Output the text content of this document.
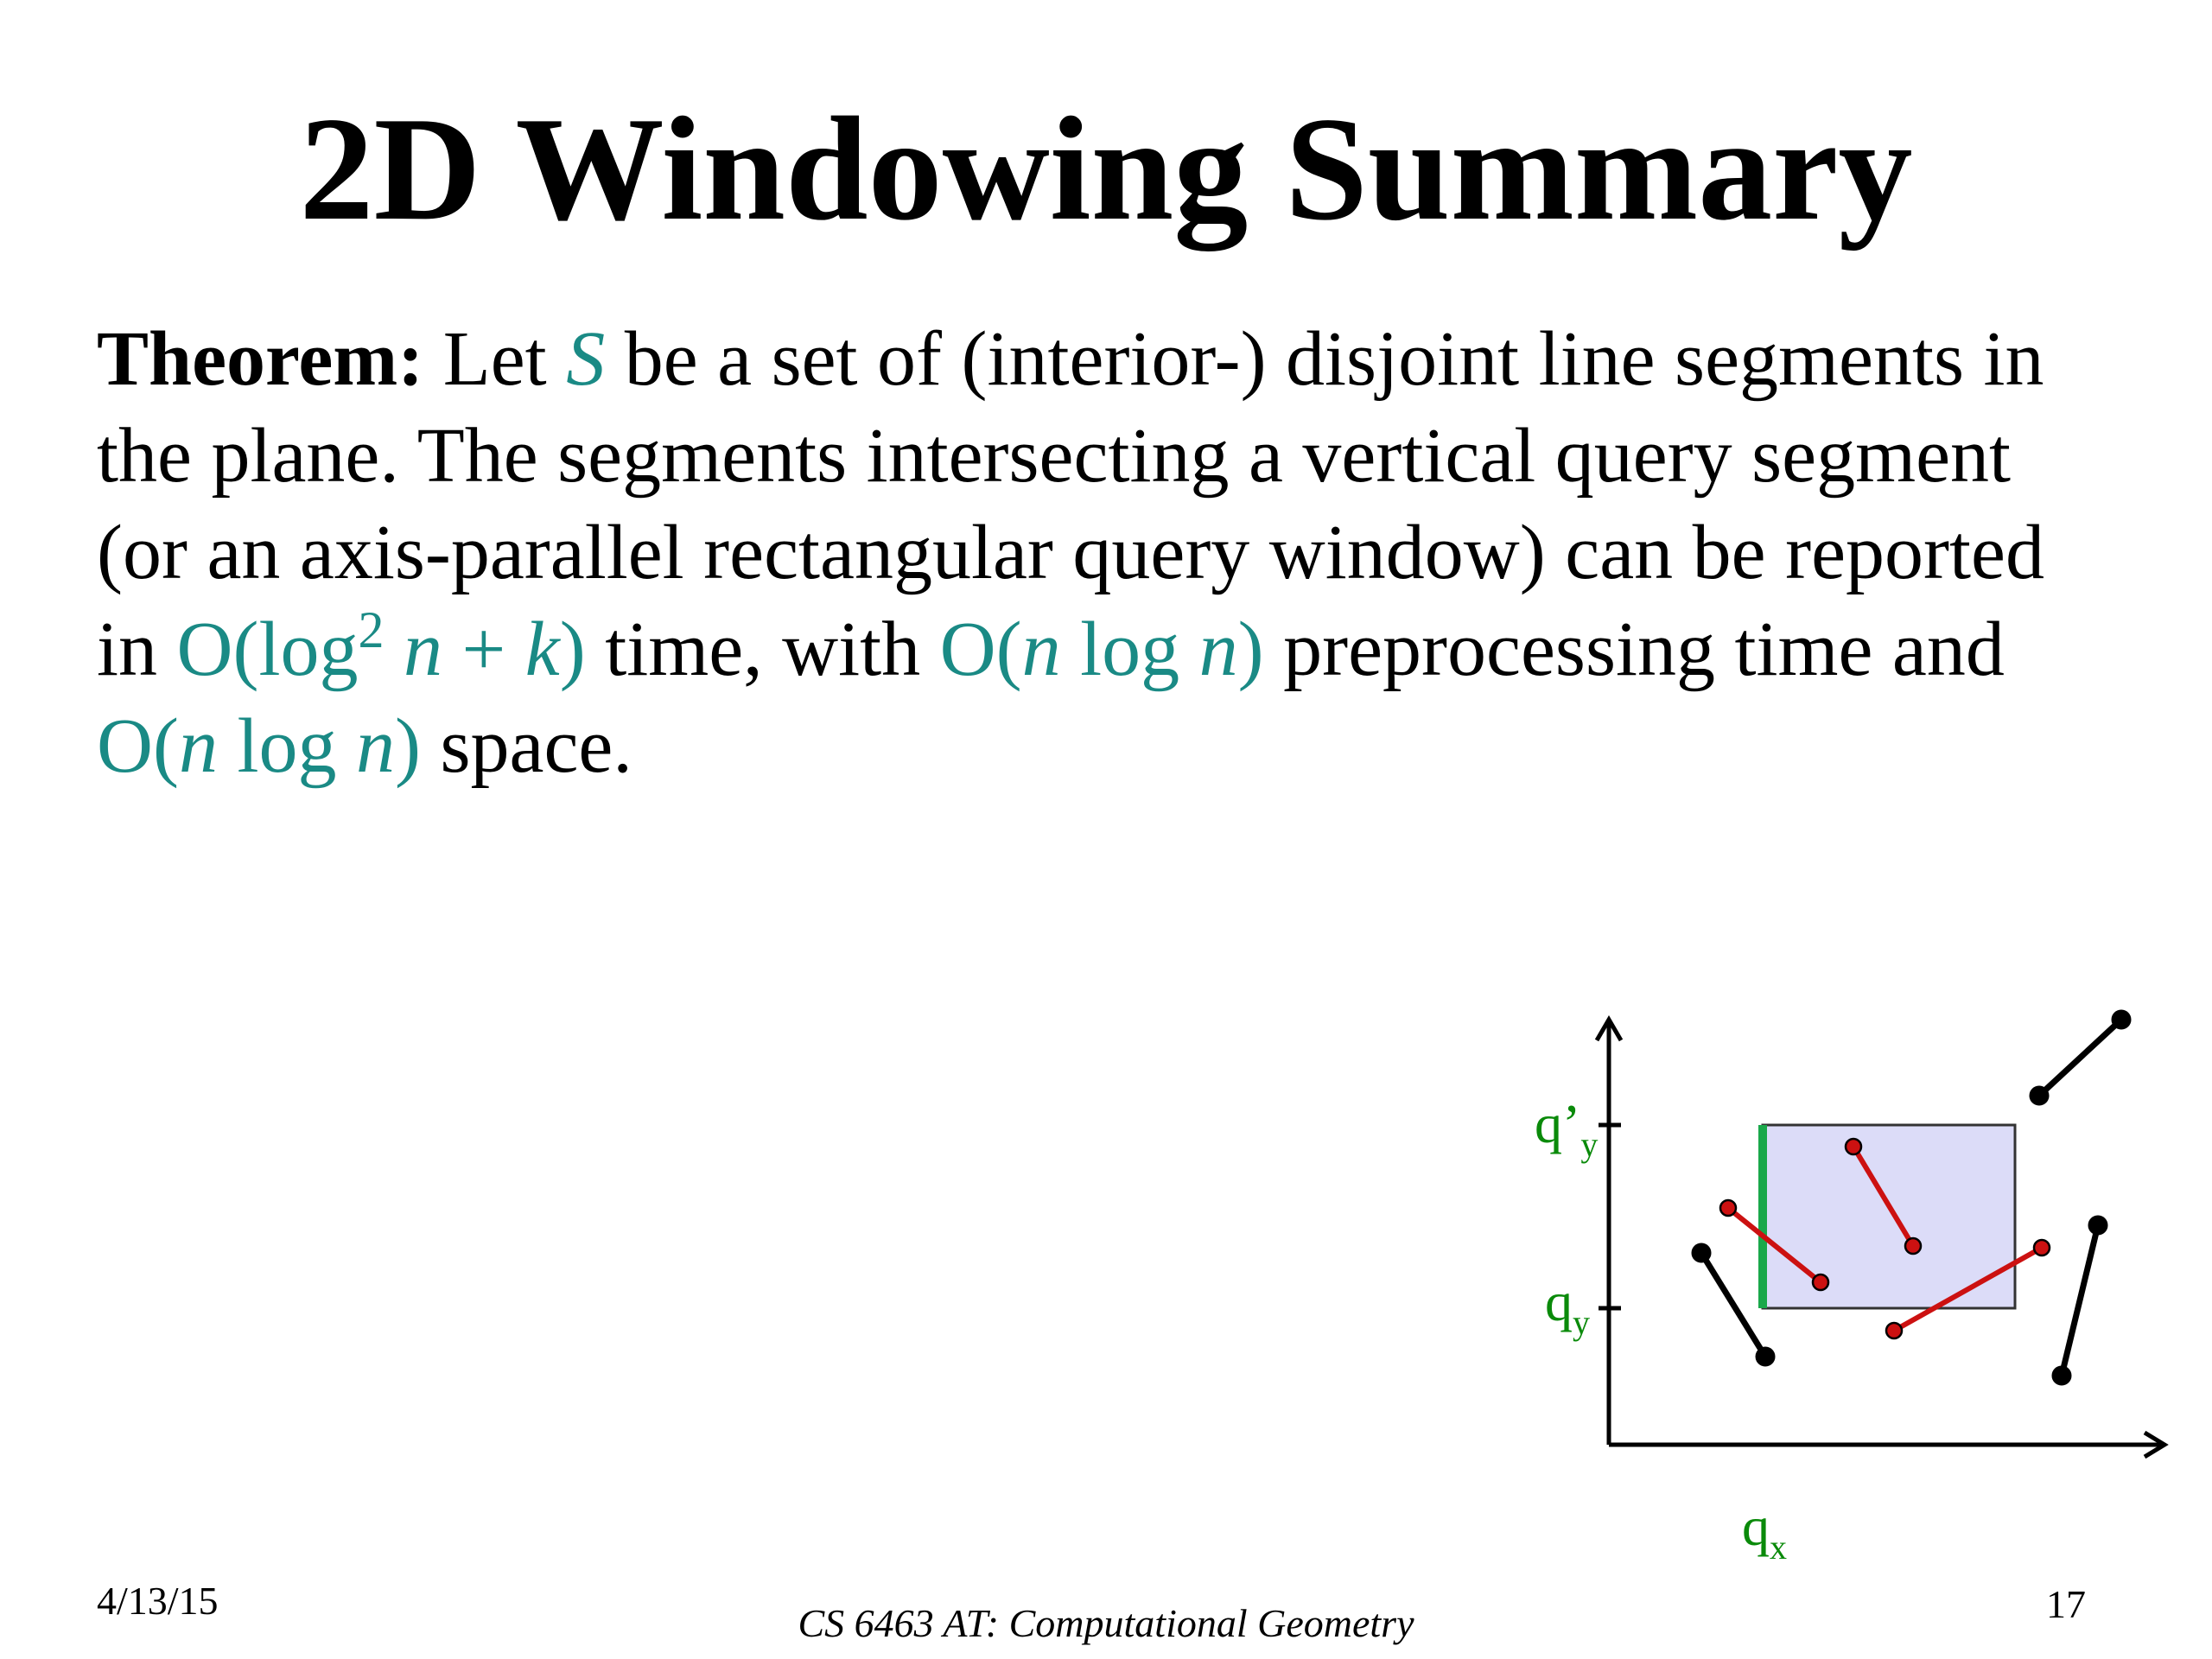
2D Windowing Summary
Theorem: Let S be a set of (interior-) disjoint line segments in the plane. The segments intersecting a vertical query segment (or an axis-parallel rectangular query window) can be reported in $O(\log^2$ n + k) time, with O(n log n) preprocessing time and O(n log n) space.
$q’_y$
$q_y$
$q_x$
4/13/15
CS 6463 AT: Computational Geometry	17
